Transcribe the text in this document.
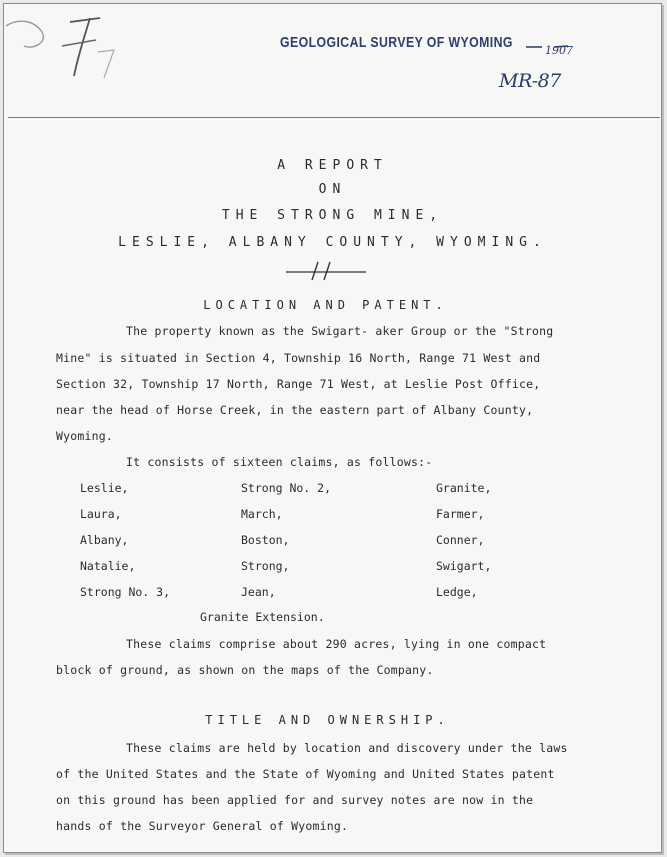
GEOLOGICAL SURVEY OF WYOMING	1907
MR-87
A REPORT
ON
THE STRONG MINE,
LESLIE, ALBANY COUNTY, WYOMING.
LOCATION AND PATENT.
The property known as the Swigart- aker Group or the "Strong
Mine" is situated in Section 4, Township 16 North, Range 71 West and
Section 32, Township 17 North, Range 71 West, at Leslie Post Office,
near the head of Horse Creek, in the eastern part of Albany County,
Wyoming.
It consists of sixteen claims, as follows:-
Leslie,	Strong No. 2,	Granite,
Laura,	March,	Farmer,
Albany,	Boston,	Conner,
Natalie,	Strong,	Swigart,
Strong No. 3,	Jean,	Ledge,
Granite Extension.
These claims comprise about 290 acres, lying in one compact
block of ground, as shown on the maps of the Company.
TITLE AND OWNERSHIP.
These claims are held by location and discovery under the laws
of the United States and the State of Wyoming and United States patent
on this ground has been applied for and survey notes are now in the
hands of the Surveyor General of Wyoming.
